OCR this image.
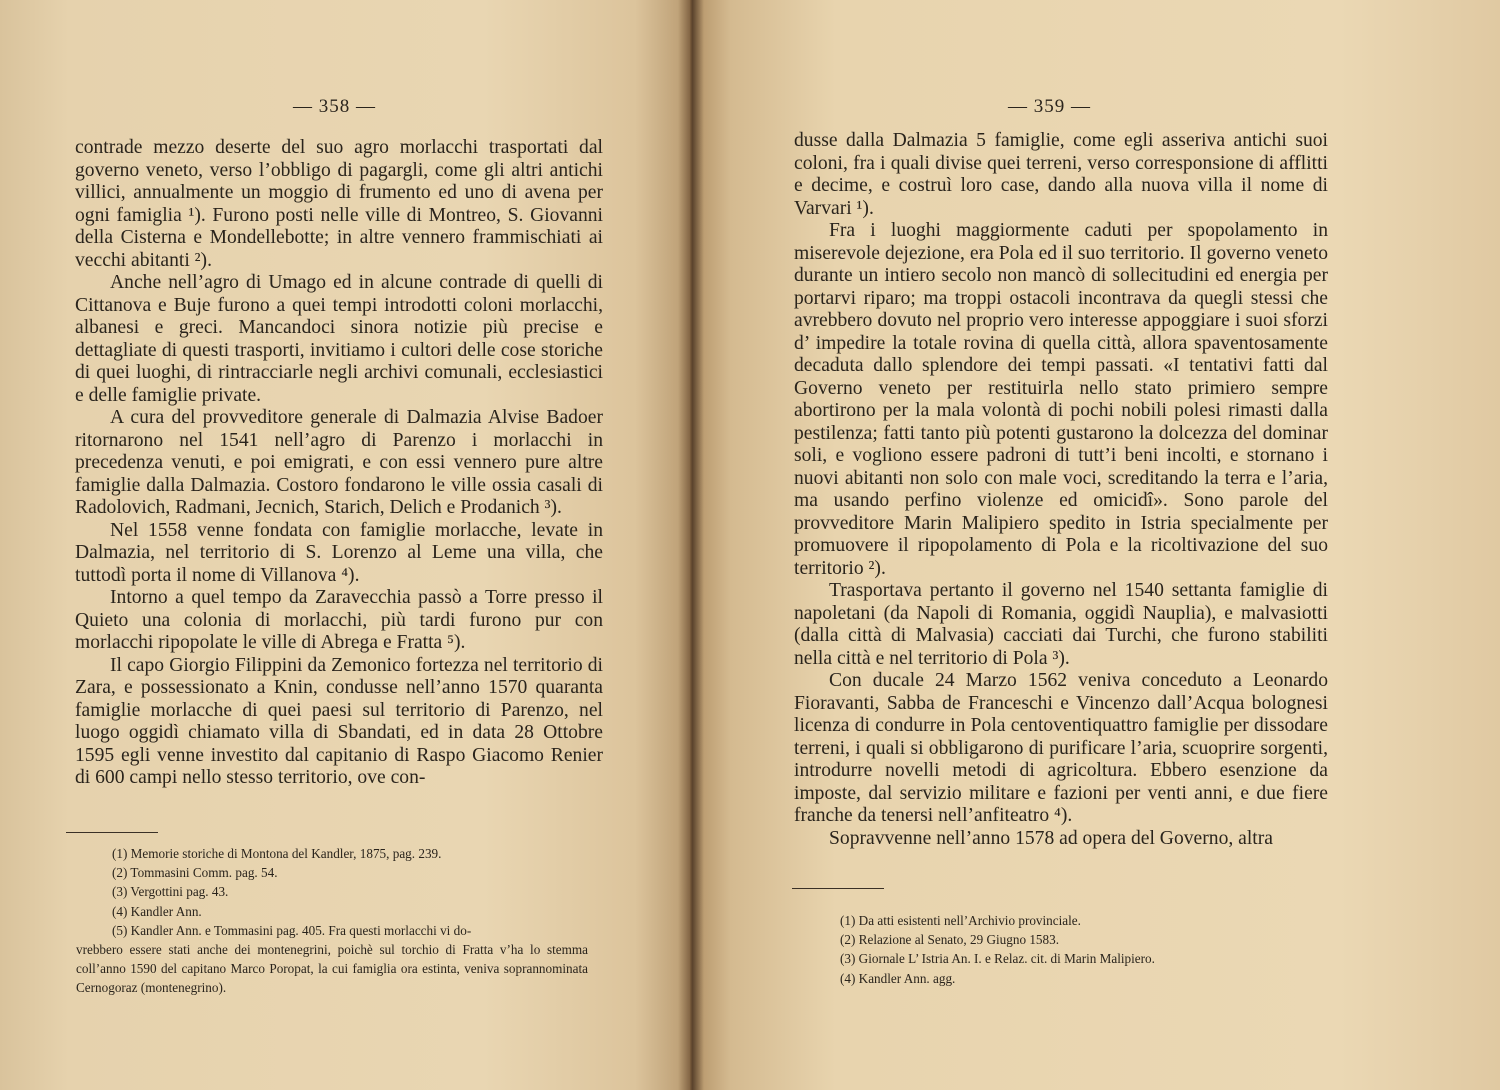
— 358 —

contrade mezzo deserte del suo agro morlacchi trasportati dal governo veneto, verso l’obbligo di pagargli, come gli altri antichi villici, annualmente un moggio di frumento ed uno di avena per ogni famiglia ¹). Furono posti nelle ville di Montreo, S. Giovanni della Cisterna e Mondellebotte; in altre vennero frammischiati ai vecchi abitanti ²).

Anche nell’agro di Umago ed in alcune contrade di quelli di Cittanova e Buje furono a quei tempi introdotti coloni morlacchi, albanesi e greci. Mancandoci sinora notizie più precise e dettagliate di questi trasporti, invitiamo i cultori delle cose storiche di quei luoghi, di rintracciarle negli archivi comunali, ecclesiastici e delle famiglie private.

A cura del provveditore generale di Dalmazia Alvise Badoer ritornarono nel 1541 nell’agro di Parenzo i morlacchi in precedenza venuti, e poi emigrati, e con essi vennero pure altre famiglie dalla Dalmazia. Costoro fondarono le ville ossia casali di Radolovich, Radmani, Jecnich, Starich, Delich e Prodanich ³).

Nel 1558 venne fondata con famiglie morlacche, levate in Dalmazia, nel territorio di S. Lorenzo al Leme una villa, che tuttodì porta il nome di Villanova ⁴).

Intorno a quel tempo da Zaravecchia passò a Torre presso il Quieto una colonia di morlacchi, più tardi furono pur con morlacchi ripopolate le ville di Abrega e Fratta ⁵).

Il capo Giorgio Filippini da Zemonico fortezza nel territorio di Zara, e possessionato a Knin, condusse nell’anno 1570 quaranta famiglie morlacche di quei paesi sul territorio di Parenzo, nel luogo oggidì chiamato villa di Sbandati, ed in data 28 Ottobre 1595 egli venne investito dal capitanio di Raspo Giacomo Renier di 600 campi nello stesso territorio, ove con-

(1) Memorie storiche di Montona del Kandler, 1875, pag. 239.

(2) Tommasini Comm. pag. 54.

(3) Vergottini pag. 43.

(4) Kandler Ann.

(5) Kandler Ann. e Tommasini pag. 405. Fra questi morlacchi vi do-

vrebbero essere stati anche dei montenegrini, poichè sul torchio di Fratta v’ha lo stemma coll’anno 1590 del capitano Marco Poropat, la cui famiglia ora estinta, veniva soprannominata Cernogoraz (montenegrino).

— 359 —

dusse dalla Dalmazia 5 famiglie, come egli asseriva antichi suoi coloni, fra i quali divise quei terreni, verso corresponsione di afflitti e decime, e costruì loro case, dando alla nuova villa il nome di Varvari ¹).

Fra i luoghi maggiormente caduti per spopolamento in miserevole dejezione, era Pola ed il suo territorio. Il governo veneto durante un intiero secolo non mancò di sollecitudini ed energia per portarvi riparo; ma troppi ostacoli incontrava da quegli stessi che avrebbero dovuto nel proprio vero interesse appoggiare i suoi sforzi d’ impedire la totale rovina di quella città, allora spaventosamente decaduta dallo splendore dei tempi passati. «I tentativi fatti dal Governo veneto per restituirla nello stato primiero sempre abortirono per la mala volontà di pochi nobili polesi rimasti dalla pestilenza; fatti tanto più potenti gustarono la dolcezza del dominar soli, e vogliono essere padroni di tutt’i beni incolti, e stornano i nuovi abitanti non solo con male voci, screditando la terra e l’aria, ma usando perfino violenze ed omicidî». Sono parole del provveditore Marin Malipiero spedito in Istria specialmente per promuovere il ripopolamento di Pola e la ricoltivazione del suo territorio ²).

Trasportava pertanto il governo nel 1540 settanta famiglie di napoletani (da Napoli di Romania, oggidì Nauplia), e malvasiotti (dalla città di Malvasia) cacciati dai Turchi, che furono stabiliti nella città e nel territorio di Pola ³).

Con ducale 24 Marzo 1562 veniva conceduto a Leonardo Fioravanti, Sabba de Franceschi e Vincenzo dall’Acqua bolognesi licenza di condurre in Pola centoventiquattro famiglie per dissodare terreni, i quali si obbligarono di purificare l’aria, scuoprire sorgenti, introdurre novelli metodi di agricoltura. Ebbero esenzione da imposte, dal servizio militare e fazioni per venti anni, e due fiere franche da tenersi nell’anfiteatro ⁴).

Sopravvenne nell’anno 1578 ad opera del Governo, altra

(1) Da atti esistenti nell’Archivio provinciale.

(2) Relazione al Senato, 29 Giugno 1583.

(3) Giornale L’ Istria An. I. e Relaz. cit. di Marin Malipiero.

(4) Kandler Ann. agg.
